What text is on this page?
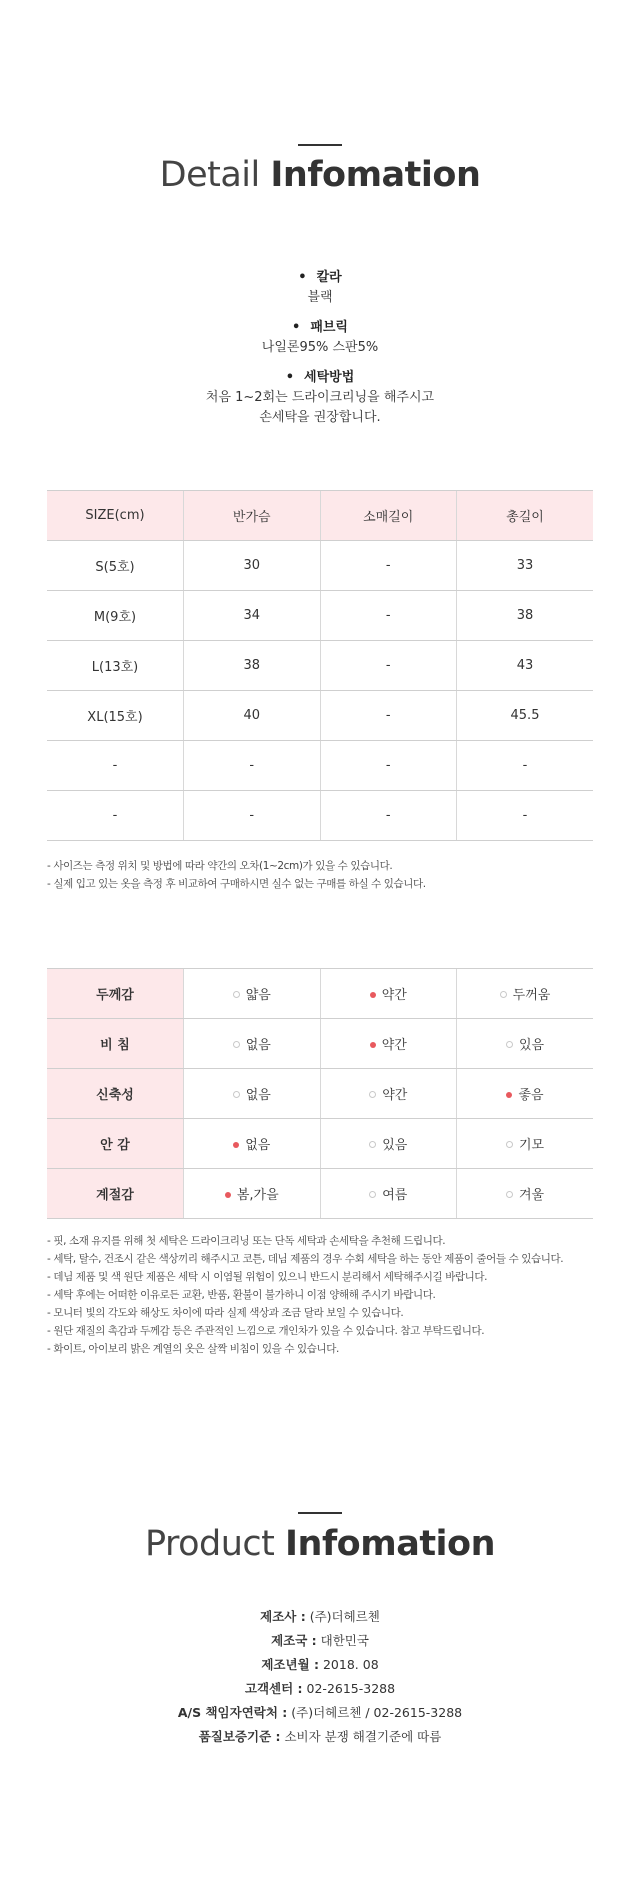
Detail Infomation
• 칼라
블랙
• 패브릭
나일론95% 스판5%
• 세탁방법
처음 1~2회는 드라이크리닝을 해주시고
손세탁을 권장합니다.
SIZE(cm)	반가슴	소매길이	총길이
S(5호)	30	-	33
M(9호)	34	-	38
L(13호)	38	-	43
XL(15호)	40	-	45.5
-	-	-	-
-	-	-	-
- 사이즈는 측정 위치 및 방법에 따라 약간의 오차(1~2cm)가 있을 수 있습니다.
- 실제 입고 있는 옷을 측정 후 비교하여 구매하시면 실수 없는 구매를 하실 수 있습니다.
두께감	얇음	약간	두꺼움
비 침	없음	약간	있음
신축성	없음	약간	좋음
안 감	없음	있음	기모
계절감	봄,가을	여름	겨울
- 핏, 소재 유지를 위해 첫 세탁은 드라이크리닝 또는 단독 세탁과 손세탁을 추천해 드립니다.
- 세탁, 탈수, 건조시 같은 색상끼리 해주시고 코튼, 데님 제품의 경우 수회 세탁을 하는 동안 제품이 줄어들 수 있습니다.
- 데님 제품 및 색 원단 제품은 세탁 시 이염될 위험이 있으니 반드시 분리해서 세탁해주시길 바랍니다.
- 세탁 후에는 어떠한 이유로든 교환, 반품, 환불이 불가하니 이점 양해해 주시기 바랍니다.
- 모니터 빛의 각도와 해상도 차이에 따라 실제 색상과 조금 달라 보일 수 있습니다.
- 원단 재질의 촉감과 두께감 등은 주관적인 느낌으로 개인차가 있을 수 있습니다. 참고 부탁드립니다.
- 화이트, 아이보리 밝은 계열의 옷은 살짝 비침이 있을 수 있습니다.
Product Infomation
제조사 : (주)더헤르첸
제조국 : 대한민국
제조년월 : 2018. 08
고객센터 : 02-2615-3288
A/S 책임자연락처 : (주)더헤르첸 / 02-2615-3288
품질보증기준 : 소비자 분쟁 해결기준에 따름
